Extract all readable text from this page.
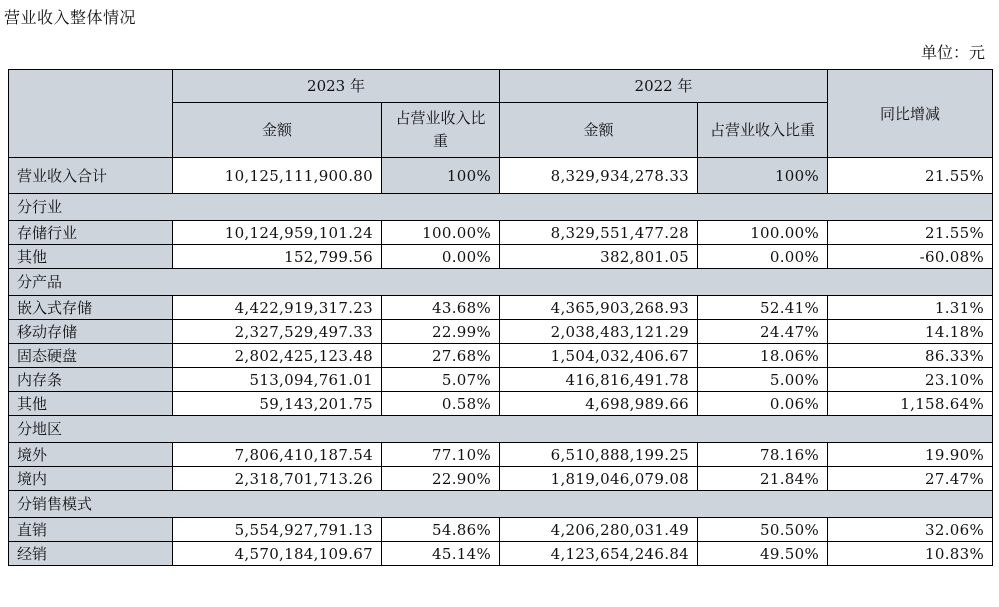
营业收入整体情况
单位：元
	2023 年		2022 年		同比增减
	金额	占营业收入比重	金额	占营业收入比重	
营业收入合计	10,125,111,900.80	100%	8,329,934,278.33	100%	21.55%
分行业					
存储行业	10,124,959,101.24	100.00%	8,329,551,477.28	100.00%	21.55%
其他	152,799.56	0.00%	382,801.05	0.00%	-60.08%
分产品					
嵌入式存储	4,422,919,317.23	43.68%	4,365,903,268.93	52.41%	1.31%
移动存储	2,327,529,497.33	22.99%	2,038,483,121.29	24.47%	14.18%
固态硬盘	2,802,425,123.48	27.68%	1,504,032,406.67	18.06%	86.33%
内存条	513,094,761.01	5.07%	416,816,491.78	5.00%	23.10%
其他	59,143,201.75	0.58%	4,698,989.66	0.06%	1,158.64%
分地区					
境外	7,806,410,187.54	77.10%	6,510,888,199.25	78.16%	19.90%
境内	2,318,701,713.26	22.90%	1,819,046,079.08	21.84%	27.47%
分销售模式					
直销	5,554,927,791.13	54.86%	4,206,280,031.49	50.50%	32.06%
经销	4,570,184,109.67	45.14%	4,123,654,246.84	49.50%	10.83%
